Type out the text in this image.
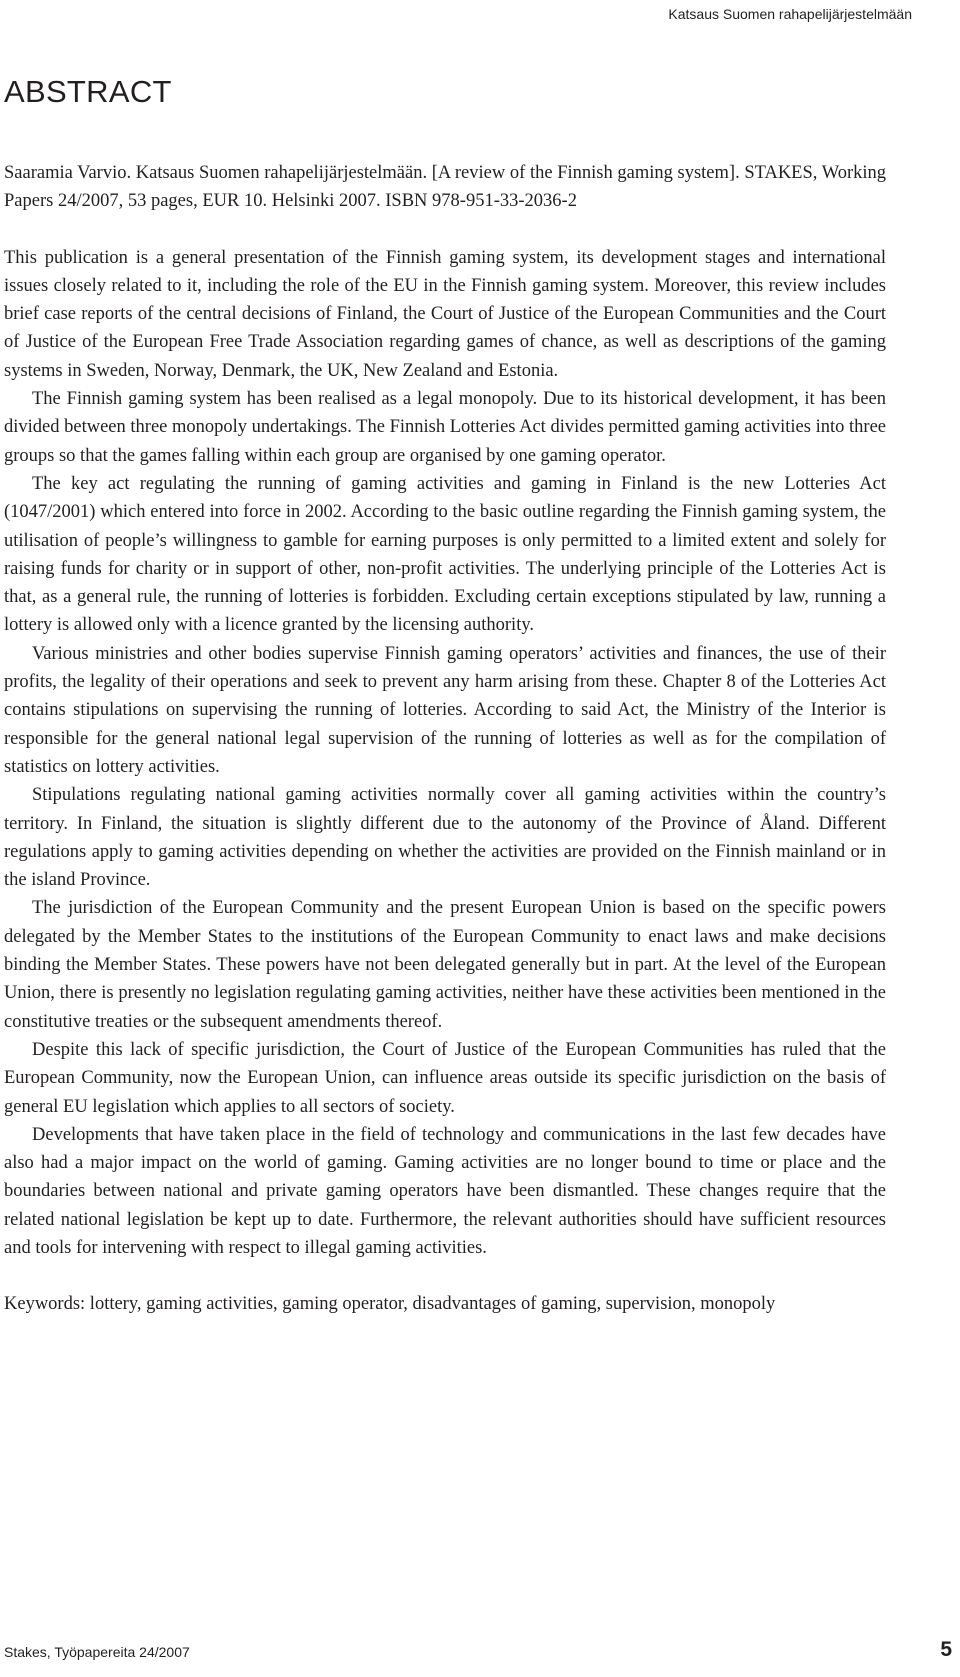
Katsaus Suomen rahapelijärjestelmään
ABSTRACT

Saaramia Varvio. Katsaus Suomen rahapelijärjestelmään. [A review of the Finnish gaming system]. STAKES, Working Papers 24/2007, 53 pages, EUR 10. Helsinki 2007. ISBN 978-951-33-2036-2

This publication is a general presentation of the Finnish gaming system, its development stages and international issues closely related to it, including the role of the EU in the Finnish gaming system. Moreover, this review includes brief case reports of the central decisions of Finland, the Court of Justice of the European Communities and the Court of Justice of the European Free Trade Association regarding games of chance, as well as descriptions of the gaming systems in Sweden, Norway, Denmark, the UK, New Zealand and Estonia.

The Finnish gaming system has been realised as a legal monopoly. Due to its historical development, it has been divided between three monopoly undertakings. The Finnish Lotteries Act divides permitted gaming activities into three groups so that the games falling within each group are organised by one gaming operator.

The key act regulating the running of gaming activities and gaming in Finland is the new Lotteries Act (1047/2001) which entered into force in 2002. According to the basic outline regarding the Finnish gaming system, the utilisation of people’s willingness to gamble for earning purposes is only permitted to a limited extent and solely for raising funds for charity or in support of other, non-profit activities. The underlying principle of the Lotteries Act is that, as a general rule, the running of lotteries is forbidden. Excluding certain exceptions stipulated by law, running a lottery is allowed only with a licence granted by the licensing authority.

Various ministries and other bodies supervise Finnish gaming operators’ activities and finances, the use of their profits, the legality of their operations and seek to prevent any harm arising from these. Chapter 8 of the Lotteries Act contains stipulations on supervising the running of lotteries. According to said Act, the Ministry of the Interior is responsible for the general national legal supervision of the running of lotteries as well as for the compilation of statistics on lottery activities.

Stipulations regulating national gaming activities normally cover all gaming activities within the country’s territory. In Finland, the situation is slightly different due to the autonomy of the Province of Åland. Different regulations apply to gaming activities depending on whether the activities are provided on the Finnish mainland or in the island Province.

The jurisdiction of the European Community and the present European Union is based on the specific powers delegated by the Member States to the institutions of the European Community to enact laws and make decisions binding the Member States. These powers have not been delegated generally but in part. At the level of the European Union, there is presently no legislation regulating gaming activities, neither have these activities been mentioned in the constitutive treaties or the subsequent amendments thereof.

Despite this lack of specific jurisdiction, the Court of Justice of the European Communities has ruled that the European Community, now the European Union, can influence areas outside its specific jurisdiction on the basis of general EU legislation which applies to all sectors of society.

Developments that have taken place in the field of technology and communications in the last few decades have also had a major impact on the world of gaming. Gaming activities are no longer bound to time or place and the boundaries between national and private gaming operators have been dismantled. These changes require that the related national legislation be kept up to date. Furthermore, the relevant authorities should have sufficient resources and tools for intervening with respect to illegal gaming activities.

Keywords: lottery, gaming activities, gaming operator, disadvantages of gaming, supervision, monopoly

Stakes, Työpapereita 24/2007	5
